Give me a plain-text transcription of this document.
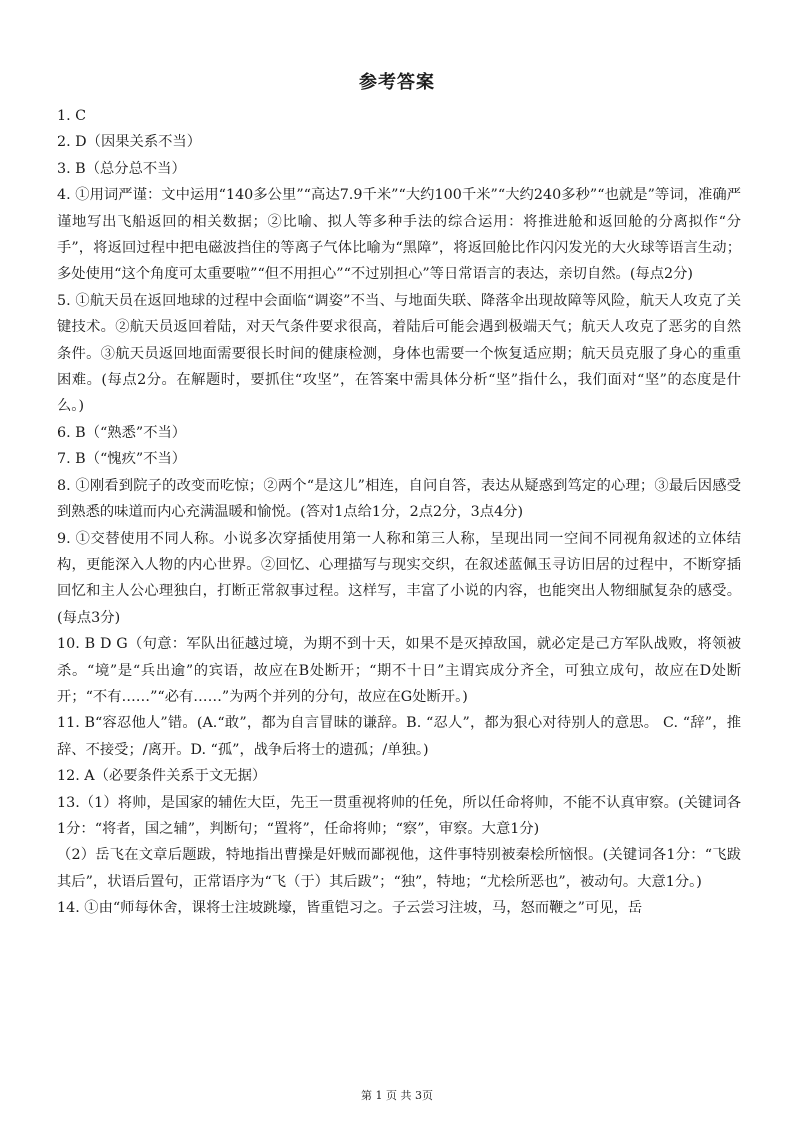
参考答案

1. C

2. D（因果关系不当）

3. B（总分总不当）

4. ①用词严谨：文中运用“140多公里”“高达7.9千米”“大约100千米”“大约240多秒”“也就是”等词，准确严谨地写出飞船返回的相关数据；②比喻、拟人等多种手法的综合运用：将推进舱和返回舱的分离拟作“分手”，将返回过程中把电磁波挡住的等离子气体比喻为“黑障”，将返回舱比作闪闪发光的大火球等语言生动；多处使用“这个角度可太重要啦”“但不用担心”“不过别担心”等日常语言的表达，亲切自然。(每点2分)

5. ①航天员在返回地球的过程中会面临“调姿”不当、与地面失联、降落伞出现故障等风险，航天人攻克了关键技术。②航天员返回着陆，对天气条件要求很高，着陆后可能会遇到极端天气；航天人攻克了恶劣的自然条件。③航天员返回地面需要很长时间的健康检测，身体也需要一个恢复适应期；航天员克服了身心的重重困难。(每点2分。在解题时，要抓住“攻坚”，在答案中需具体分析“坚”指什么，我们面对“坚”的态度是什么。)

6. B（“熟悉”不当）

7. B（“愧疚”不当）

8. ①刚看到院子的改变而吃惊；②两个“是这儿”相连，自问自答，表达从疑惑到笃定的心理；③最后因感受到熟悉的味道而内心充满温暖和愉悦。(答对1点给1分，2点2分，3点4分)

9. ①交替使用不同人称。小说多次穿插使用第一人称和第三人称，呈现出同一空间不同视角叙述的立体结构，更能深入人物的内心世界。②回忆、心理描写与现实交织，在叙述蓝佩玉寻访旧居的过程中，不断穿插回忆和主人公心理独白，打断正常叙事过程。这样写，丰富了小说的内容，也能突出人物细腻复杂的感受。(每点3分)

10. B D G（句意：军队出征越过境，为期不到十天，如果不是灭掉敌国，就必定是己方军队战败，将领被杀。“境”是“兵出逾”的宾语，故应在B处断开；“期不十日”主谓宾成分齐全，可独立成句，故应在D处断开；“不有……”“必有……”为两个并列的分句，故应在G处断开。)

11. B“容忍他人”错。(A.“敢”，都为自言冒昧的谦辞。B. “忍人”，都为狠心对待别人的意思。 C. “辞”，推辞、不接受；/离开。D. “孤”，战争后将士的遗孤；/单独。)

12. A（必要条件关系于文无据）

13.（1）将帅，是国家的辅佐大臣，先王一贯重视将帅的任免，所以任命将帅，不能不认真审察。(关键词各1分：“将者，国之辅”，判断句；“置将”，任命将帅；“察”，审察。大意1分)

（2）岳飞在文章后题跋，特地指出曹操是奸贼而鄙视他，这件事特别被秦桧所恼恨。(关键词各1分：“飞跋其后”，状语后置句，正常语序为“飞（于）其后跋”；“独”，特地；“尤桧所恶也”，被动句。大意1分。)

14. ①由“师每休舍，课将士注坡跳壕，皆重铠习之。子云尝习注坡，马，怒而鞭之”可见，岳

第 1 页 共 3页
